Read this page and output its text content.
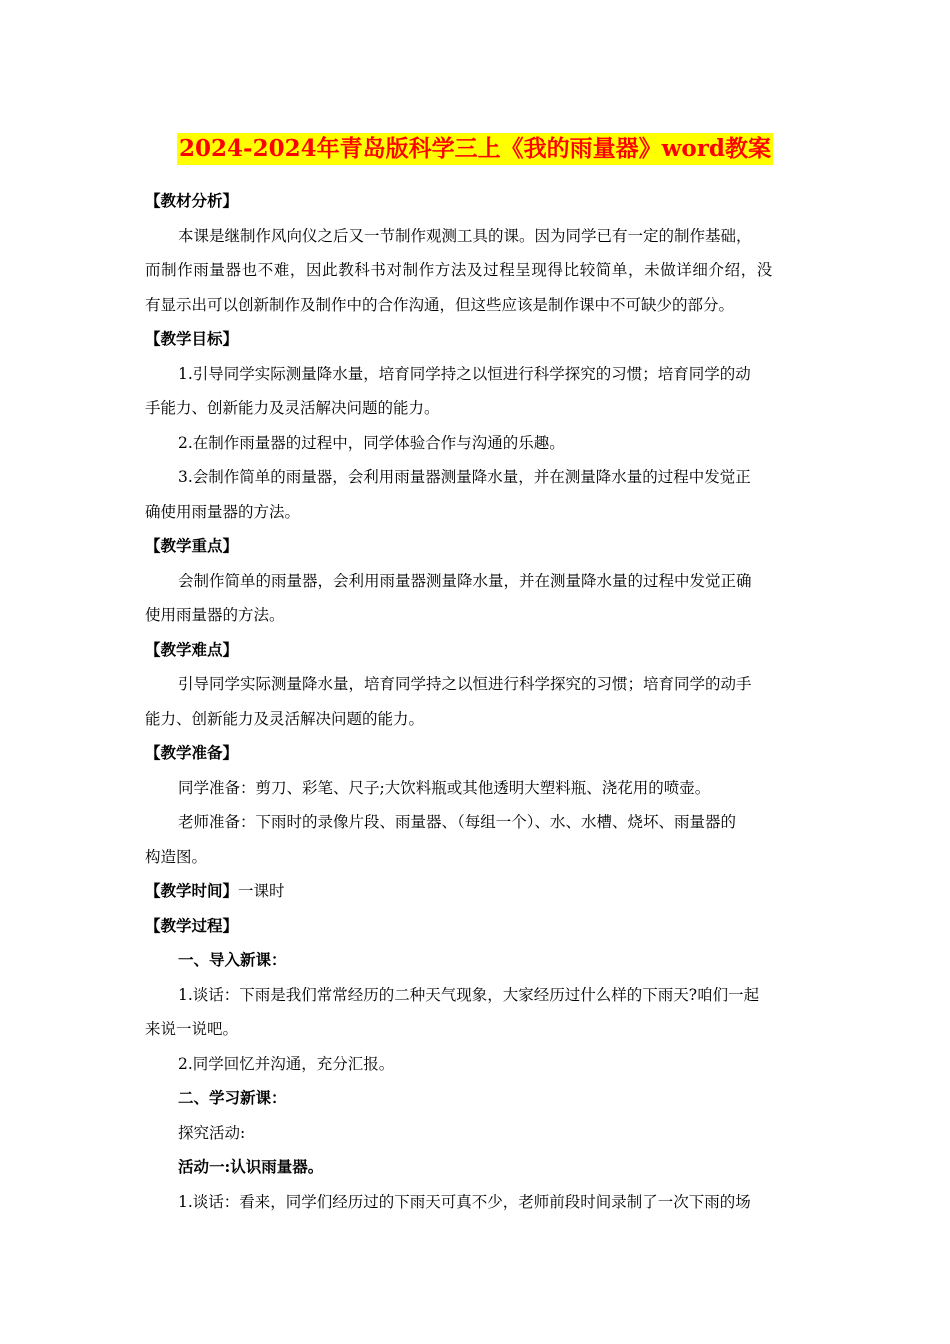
2024-2024年青岛版科学三上《我的雨量器》word教案
【教材分析】
本课是继制作风向仪之后又一节制作观测工具的课。因为同学已有一定的制作基础，
而制作雨量器也不难，因此教科书对制作方法及过程呈现得比较简单，未做详细介绍，没
有显示出可以创新制作及制作中的合作沟通，但这些应该是制作课中不可缺少的部分。
【教学目标】
1.引导同学实际测量降水量，培育同学持之以恒进行科学探究的习惯；培育同学的动
手能力、创新能力及灵活解决问题的能力。
2.在制作雨量器的过程中，同学体验合作与沟通的乐趣。
3.会制作简单的雨量器，会利用雨量器测量降水量，并在测量降水量的过程中发觉正
确使用雨量器的方法。
【教学重点】
会制作简单的雨量器，会利用雨量器测量降水量，并在测量降水量的过程中发觉正确
使用雨量器的方法。
【教学难点】
引导同学实际测量降水量，培育同学持之以恒进行科学探究的习惯；培育同学的动手
能力、创新能力及灵活解决问题的能力。
【教学准备】
同学准备：剪刀、彩笔、尺子;大饮料瓶或其他透明大塑料瓶、浇花用的喷壶。
老师准备：下雨时的录像片段、雨量器、（每组一个）、水、水槽、烧坏、雨量器的
构造图。
【教学时间】一课时
【教学过程】
一、导入新课：
1.谈话：下雨是我们常常经历的二种天气现象，大家经历过什么样的下雨天?咱们一起
来说一说吧。
2.同学回忆并沟通，充分汇报。
二、学习新课：
探究活动:
活动一:认识雨量器。
1.谈话：看来，同学们经历过的下雨天可真不少，老师前段时间录制了一次下雨的场
